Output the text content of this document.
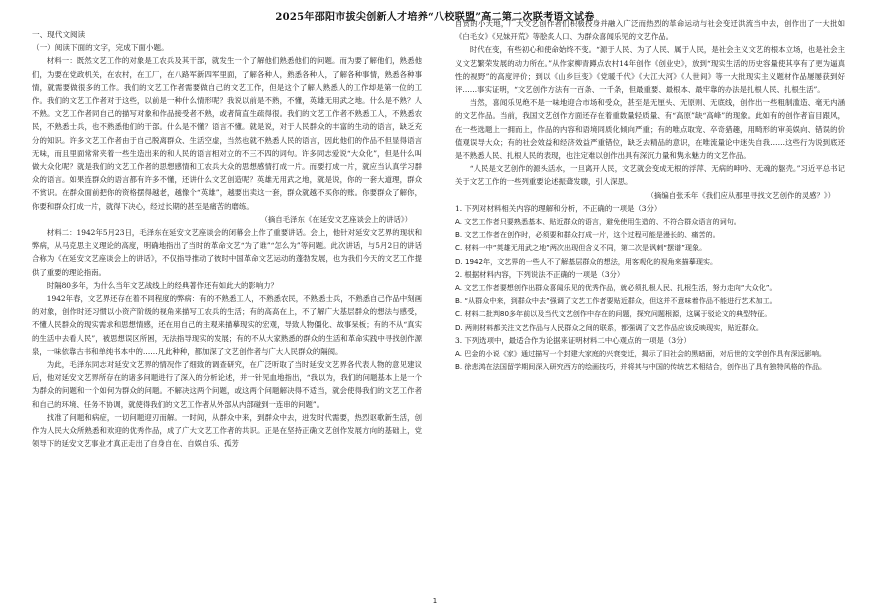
2025年邵阳市拔尖创新人才培养“八校联盟”高二第二次联考语文试卷

一、现代文阅读

（一）阅读下面的文字，完成下面小题。

材料一：既然文艺工作的对象是工农兵及其干部，就发生一个了解他们熟悉他们的问题。而为要了解他们，熟悉他们，为要在党政机关，在农村，在工厂，在八路军新四军里面，了解各种人，熟悉各种人，了解各种事情，熟悉各种事情，就需要做很多的工作。我们的文艺工作者需要做自己的文艺工作，但是这个了解人熟悉人的工作却是第一位的工作。我们的文艺工作者对于这些，以前是一种什么情形呢？我说以前是不熟，不懂，英雄无用武之地。什么是不熟？人不熟。文艺工作者同自己的描写对象和作品接受者不熟，或者简直生疏得很。我们的文艺工作者不熟悉工人，不熟悉农民，不熟悉士兵，也不熟悉他们的干部。什么是不懂？语言不懂。就是说，对于人民群众的丰富的生动的语言，缺乏充分的知识。许多文艺工作者由于自己脱离群众、生活空虚，当然也就不熟悉人民的语言，因此他们的作品不但显得语言无味，而且里面常常夹着一些生造出来的和人民的语言相对立的不三不四的词句。许多同志爱说“大众化”，但是什么叫做大众化呢？就是我们的文艺工作者的思想感情和工农兵大众的思想感情打成一片。而要打成一片，就应当认真学习群众的语言。如果连群众的语言都有许多不懂，还讲什么文艺创造呢？英雄无用武之地，就是说，你的一套大道理，群众不赏识。在群众面前把你的资格摆得越老，越像个“英雄”，越要出卖这一套，群众就越不买你的账。你要群众了解你，你要和群众打成一片，就得下决心，经过长期的甚至是痛苦的磨练。

（摘自毛泽东《在延安文艺座谈会上的讲话》）

材料二：1942年5月23日，毛泽东在延安文艺座谈会的闭幕会上作了重要讲话。会上，他针对延安文艺界的现状和弊病，从马克思主义理论的高度，明确地指出了当时的革命文艺“为了谁”“怎么为”等问题。此次讲话，与5月2日的讲话合称为《在延安文艺座谈会上的讲话》，不仅指导推动了彼时中国革命文艺运动的蓬勃发展，也为我们今天的文艺工作提供了重要的理论指南。

时隔80多年，为什么当年文艺战线上的经典著作还有如此大的影响力？

1942年春，文艺界还存在着不同程度的弊病：有的不熟悉工人，不熟悉农民，不熟悉士兵，不熟悉自己作品中刻画的对象，创作时还习惯以小资产阶级的视角来描写工农兵的生活；有的高高在上，不了解广大基层群众的想法与感受，不懂人民群众的现实需求和思想情感，还在用自己的主观来描摹现实的宏观，导致人物僵化、故事呆板；有的不从“真实的生活中去看人民”，被思想误区所困，无法指导现实的发展；有的不从大家熟悉的群众的生活和革命实践中寻找创作源泉，一味依靠古书和单纯书本中的……凡此种种，都加深了文艺创作者与广大人民群众的隔阂。

为此，毛泽东同志对延安文艺界的情况作了细致的调查研究，在广泛听取了当时延安文艺界各代表人物的意见建议后，他对延安文艺界所存在的诸多问题进行了深入的分析论述，并一针见血地指出，“我以为，我们的问题基本上是一个为群众的问题和一个如何为群众的问题。不解决这两个问题，或这两个问题解决得不适当，就会使得我们的文艺工作者和自己的环境、任务不协调，就使得我们的文艺工作者从外部从内部碰到一连串的问题”。

找准了问题和病症，一切问题迎刃而解。一时间，从群众中来，到群众中去，迸发时代需要，热烈讴歌新生活，创作为人民大众所熟悉和欢迎的优秀作品，成了广大文艺工作者的共识。正是在坚持正确文艺创作发展方向的基础上，党领导下的延安文艺事业才真正走出了自身自在、自娱自乐、孤芳

自赏的小天地，广大文艺创作者们积极投身并融入广泛而热烈的革命运动与社会变迁洪流当中去，创作出了一大批如《白毛女》《兄妹开荒》等脍炙人口、为群众喜闻乐见的文艺作品。

时代在变，有些初心和使命始终不变。“源于人民、为了人民、属于人民，是社会主义文艺的根本立场，也是社会主义文艺繁荣发展的动力所在。”从作家柳青蹲点农村14年创作《创业史》，放到“现实生活的历史容量使其享有了更为逼真性的视野”的高度评价；到以《山乡巨变》《党暖千代》《大江大河》《人世间》等一大批现实主义题材作品屡屡获到好评……事实证明，“文艺创作方法有一百条、一千条，但最重要、最根本、最牢靠的办法是扎根人民、扎根生活”。

当然，喜闻乐见绝不是一味地迎合市场和受众，甚至是无厘头、无原则、无底线，创作出一些粗制滥造、毫无内涵的文艺作品。当前，我国文艺创作方面还存在着重数量轻质量、有“高原”缺“高峰”的现象。此如有的创作者盲目跟风，在一些选题上一拥而上，作品的内容和语境同质化倾向严重；有的唯点取宠、卒奇猎趣，用畸形的审美娱向、错误的价值观误导大众；有的社会效益和经济效益严重错位，缺乏去精品的意识，在唯流量论中迷失自我……这些行为说到底还是不熟悉人民、扎根人民的表现，也注定难以创作出具有深沉力量和隽永魅力的文艺作品。

“人民是文艺创作的源头活水，一旦离开人民，文艺就会变成无根的浮萍、无病的呻吟、无魂的躯壳。”习近平总书记关于文艺工作的一些列重要论述振聋发聩，引人深思。

（摘编自张禾年《我们应从那里寻找文艺创作的灵感？》）

1. 下列对材料相关内容的理解和分析，不正确的一项是（3分）

A. 文艺工作者只要熟悉基本、贴近群众的语言，避免使用生造的、不符合群众语言的词句。

B. 文艺工作者在创作时，必须要和群众打成一片，这个过程可能是漫长的、痛苦的。

C. 材料一中“英雄无用武之地”两次出现但含义不同，第二次是讽刺“摆谱”现象。

D. 1942年，文艺界的一些人不了解基层群众的想法，用客观化的视角来描摹现实。

2. 根据材料内容，下列说法不正确的一项是（3分）

A. 文艺工作者要想创作出群众喜闻乐见的优秀作品，就必须扎根人民、扎根生活，努力走向“大众化”。

B. “从群众中来，到群众中去”强调了文艺工作者要贴近群众，但这并不意味着作品不能进行艺术加工。

C. 材料二批判80多年前以及当代文艺创作中存在的问题，探究问题根源，这属于驳论文的典型特征。

D. 两则材料都关注文艺作品与人民群众之间的联系，都强调了文艺作品应该反映现实，贴近群众。

3. 下列选项中，最适合作为论据来证明材料二中心观点的一项是（3分）

A. 巴金的小说《家》通过描写一个封建大家庭的兴衰变迁，揭示了旧社会的黑暗面，对后世的文学创作具有深远影响。

B. 徐悲鸿在法国留学期间深入研究西方的绘画技巧，并将其与中国的传统艺术相结合，创作出了具有独特风格的作品。

1
